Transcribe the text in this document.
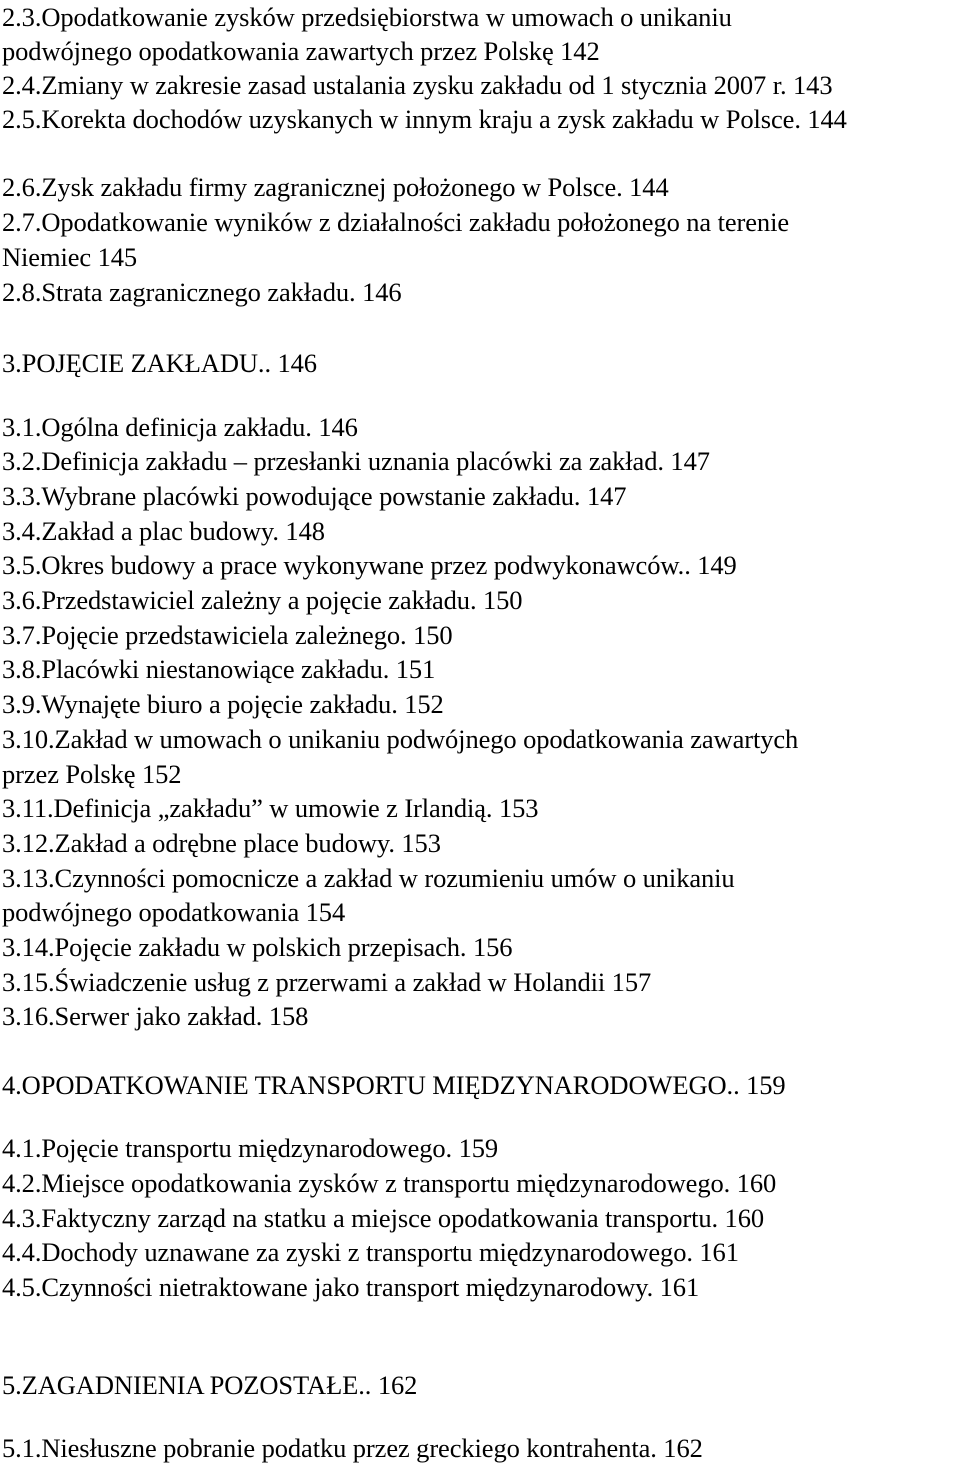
2.3.Opodatkowanie zysków przedsiębiorstwa w umowach o unikaniu
podwójnego opodatkowania zawartych przez Polskę 142
2.4.Zmiany w zakresie zasad ustalania zysku zakładu od 1 stycznia 2007 r. 143
2.5.Korekta dochodów uzyskanych w innym kraju a zysk zakładu w Polsce. 144
2.6.Zysk zakładu firmy zagranicznej położonego w Polsce. 144
2.7.Opodatkowanie wyników z działalności zakładu położonego na terenie
Niemiec 145
2.8.Strata zagranicznego zakładu. 146
3.POJĘCIE ZAKŁADU.. 146
3.1.Ogólna definicja zakładu. 146
3.2.Definicja zakładu – przesłanki uznania placówki za zakład. 147
3.3.Wybrane placówki powodujące powstanie zakładu. 147
3.4.Zakład a plac budowy. 148
3.5.Okres budowy a prace wykonywane przez podwykonawców.. 149
3.6.Przedstawiciel zależny a pojęcie zakładu. 150
3.7.Pojęcie przedstawiciela zależnego. 150
3.8.Placówki niestanowiące zakładu. 151
3.9.Wynajęte biuro a pojęcie zakładu. 152
3.10.Zakład w umowach o unikaniu podwójnego opodatkowania zawartych
przez Polskę 152
3.11.Definicja „zakładu” w umowie z Irlandią. 153
3.12.Zakład a odrębne place budowy. 153
3.13.Czynności pomocnicze a zakład w rozumieniu umów o unikaniu
podwójnego opodatkowania 154
3.14.Pojęcie zakładu w polskich przepisach. 156
3.15.Świadczenie usług z przerwami a zakład w Holandii 157
3.16.Serwer jako zakład. 158
4.OPODATKOWANIE TRANSPORTU MIĘDZYNARODOWEGO.. 159
4.1.Pojęcie transportu międzynarodowego. 159
4.2.Miejsce opodatkowania zysków z transportu międzynarodowego. 160
4.3.Faktyczny zarząd na statku a miejsce opodatkowania transportu. 160
4.4.Dochody uznawane za zyski z transportu międzynarodowego. 161
4.5.Czynności nietraktowane jako transport międzynarodowy. 161
5.ZAGADNIENIA POZOSTAŁE.. 162
5.1.Niesłuszne pobranie podatku przez greckiego kontrahenta. 162
